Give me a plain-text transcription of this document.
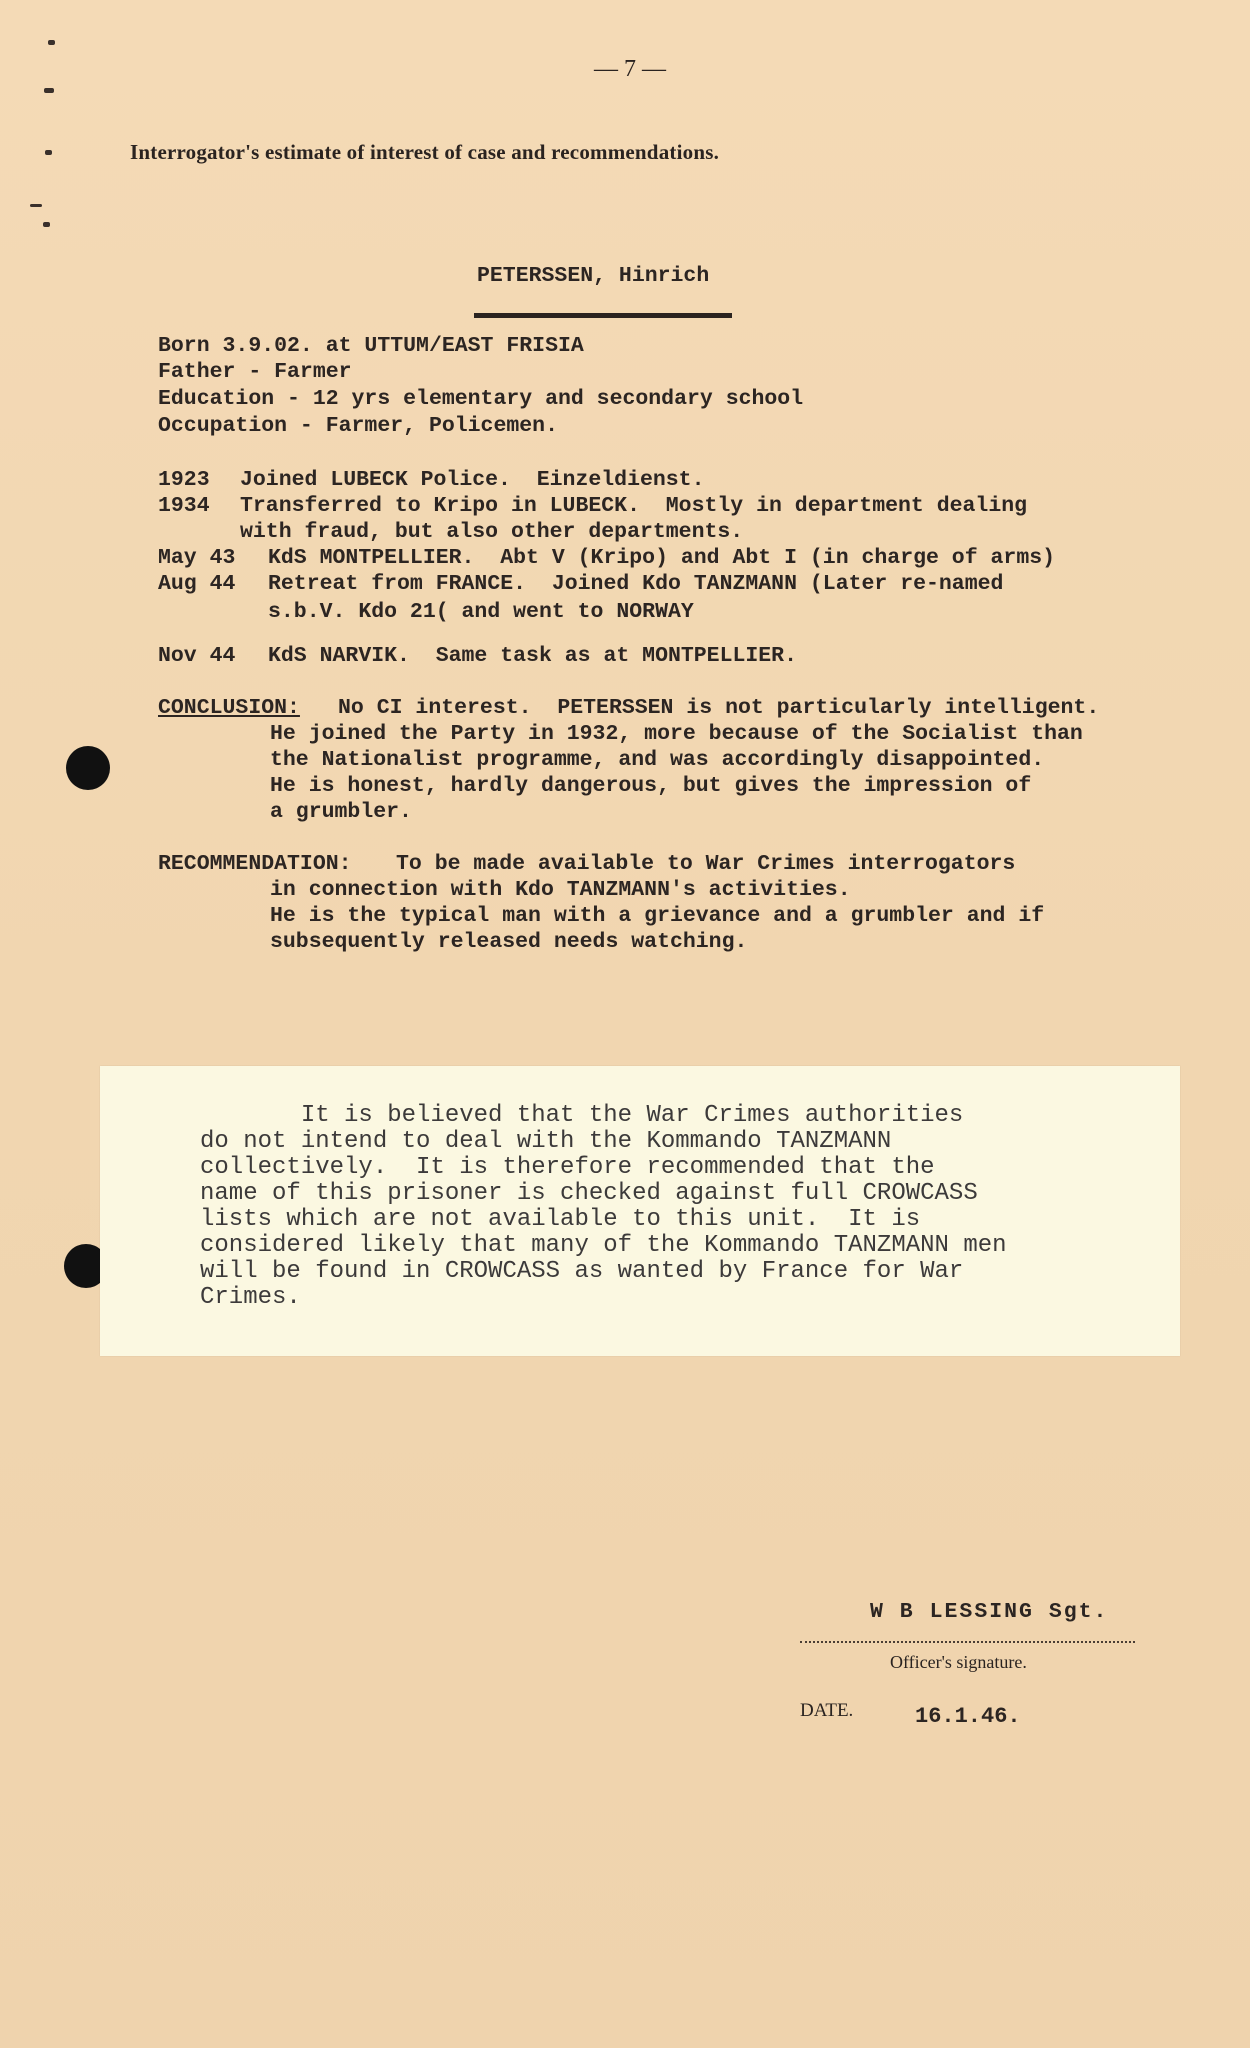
— 7 —
Interrogator's estimate of interest of case and recommendations.
PETERSSEN, Hinrich
Born 3.9.02. at UTTUM/EAST FRISIA
Father - Farmer
Education - 12 yrs elementary and secondary school
Occupation - Farmer, Policemen.
1923 Joined LUBECK Police.  Einzeldienst.
1934 Transferred to Kripo in LUBECK.  Mostly in department dealing
with fraud, but also other departments.
May 43 KdS MONTPELLIER.  Abt V (Kripo) and Abt I (in charge of arms)
Aug 44 Retreat from FRANCE.  Joined Kdo TANZMANN (Later re-named
s.b.V. Kdo 21( and went to NORWAY
Nov 44 KdS NARVIK.  Same task as at MONTPELLIER.
CONCLUSION: No CI interest.  PETERSSEN is not particularly intelligent.
He joined the Party in 1932, more because of the Socialist than
the Nationalist programme, and was accordingly disappointed.
He is honest, hardly dangerous, but gives the impression of
a grumbler.
RECOMMENDATION: To be made available to War Crimes interrogators
in connection with Kdo TANZMANN's activities.
He is the typical man with a grievance and a grumbler and if
subsequently released needs watching.
It is believed that the War Crimes authorities
do not intend to deal with the Kommando TANZMANN
collectively.  It is therefore recommended that the
name of this prisoner is checked against full CROWCASS
lists which are not available to this unit.  It is
considered likely that many of the Kommando TANZMANN men
will be found in CROWCASS as wanted by France for War
Crimes.
W B LESSING Sgt.
Officer's signature.
DATE.	16.1.46.
